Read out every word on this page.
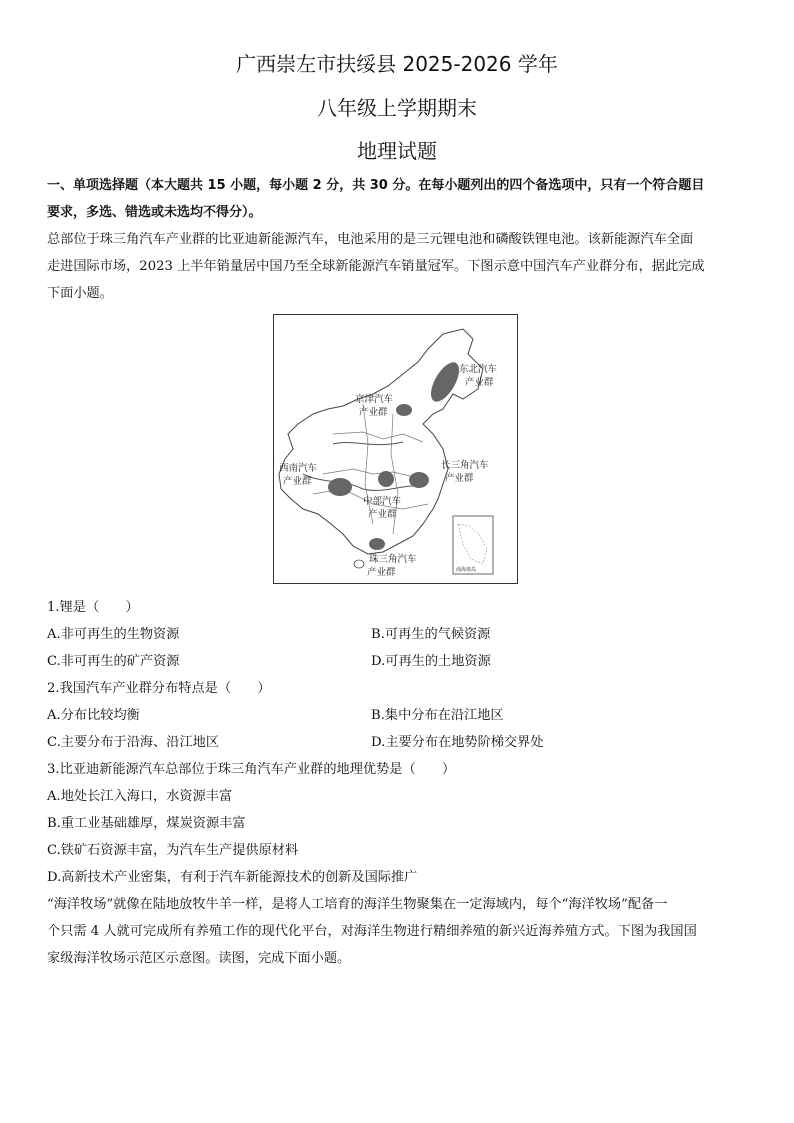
广西崇左市扶绥县 2025-2026 学年
八年级上学期期末
地理试题
一、单项选择题（本大题共 15 小题，每小题 2 分，共 30 分。在每小题列出的四个备选项中，只有一个符合题目
要求，多选、错选或未选均不得分）。
总部位于珠三角汽车产业群的比亚迪新能源汽车，电池采用的是三元锂电池和磷酸铁锂电池。该新能源汽车全面
走进国际市场，2023 上半年销量居中国乃至全球新能源汽车销量冠军。下图示意中国汽车产业群分布，据此完成
下面小题。
东北汽车
产业群
京津汽车
产业群
西南汽车
产业群
长三角汽车
产业群
中部汽车
产业群
珠三角汽车
产业群	南海诸岛
1.锂是（　　）
A.非可再生的生物资源	B.可再生的气候资源
C.非可再生的矿产资源	D.可再生的土地资源
2.我国汽车产业群分布特点是（　　）
A.分布比较均衡	B.集中分布在沿江地区
C.主要分布于沿海、沿江地区	D.主要分布在地势阶梯交界处
3.比亚迪新能源汽车总部位于珠三角汽车产业群的地理优势是（　　）
A.地处长江入海口，水资源丰富
B.重工业基础雄厚，煤炭资源丰富
C.铁矿石资源丰富，为汽车生产提供原材料
D.高新技术产业密集，有利于汽车新能源技术的创新及国际推广
“海洋牧场”就像在陆地放牧牛羊一样，是将人工培育的海洋生物聚集在一定海域内，每个“海洋牧场”配备一
个只需 4 人就可完成所有养殖工作的现代化平台，对海洋生物进行精细养殖的新兴近海养殖方式。下图为我国国
家级海洋牧场示范区示意图。读图，完成下面小题。
